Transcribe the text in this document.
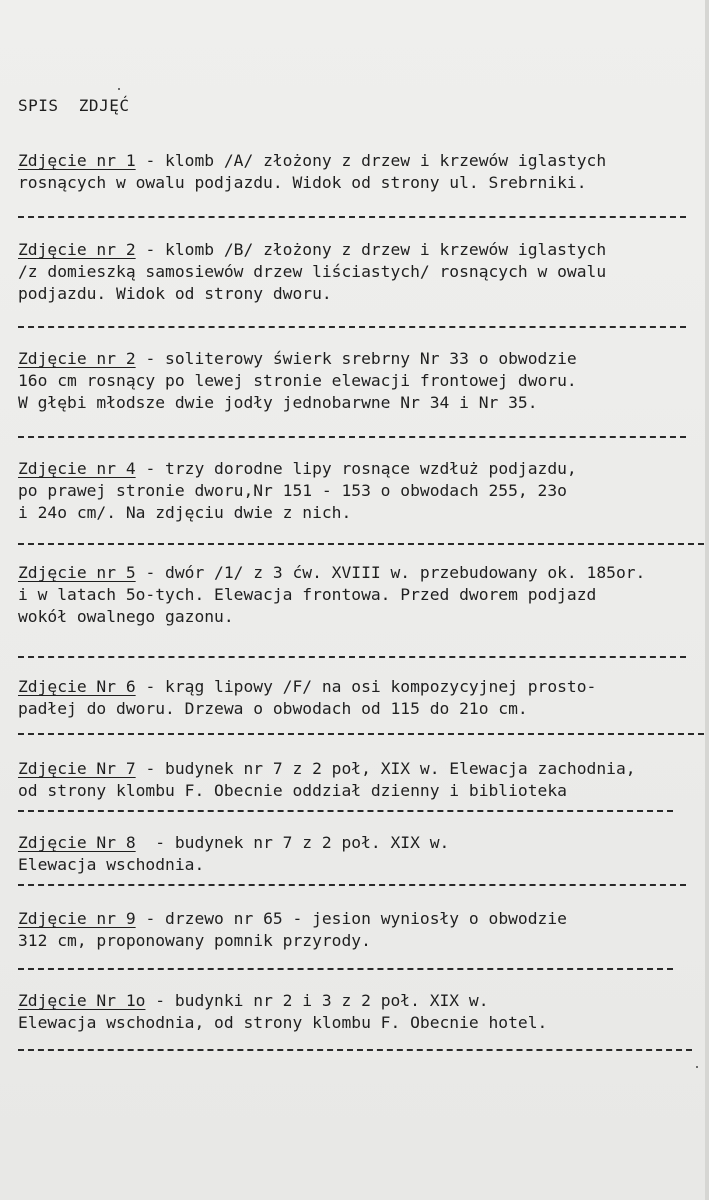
SPIS  ZDJĘĆ
Zdjęcie nr 1 - klomb /A/ złożony z drzew i krzewów iglastych
rosnących w owalu podjazdu. Widok od strony ul. Srebrniki.
Zdjęcie nr 2 - klomb /B/ złożony z drzew i krzewów iglastych
/z domieszką samosiewów drzew liściastych/ rosnących w owalu
podjazdu. Widok od strony dworu.
Zdjęcie nr 2 - soliterowy świerk srebrny Nr 33 o obwodzie
16o cm rosnący po lewej stronie elewacji frontowej dworu.
W głębi młodsze dwie jodły jednobarwne Nr 34 i Nr 35.
Zdjęcie nr 4 - trzy dorodne lipy rosnące wzdłuż podjazdu,
po prawej stronie dworu,Nr 151 - 153 o obwodach 255, 23o
i 24o cm/. Na zdjęciu dwie z nich.
Zdjęcie nr 5 - dwór /1/ z 3 ćw. XVIII w. przebudowany ok. 185or.
i w latach 5o-tych. Elewacja frontowa. Przed dworem podjazd
wokół owalnego gazonu.
Zdjęcie Nr 6 - krąg lipowy /F/ na osi kompozycyjnej prosto-
padłej do dworu. Drzewa o obwodach od 115 do 21o cm.
Zdjęcie Nr 7 - budynek nr 7 z 2 poł, XIX w. Elewacja zachodnia,
od strony klombu F. Obecnie oddział dzienny i biblioteka
Zdjęcie Nr 8  - budynek nr 7 z 2 poł. XIX w.
Elewacja wschodnia.
Zdjęcie nr 9 - drzewo nr 65 - jesion wyniosły o obwodzie
312 cm, proponowany pomnik przyrody.
Zdjęcie Nr 1o - budynki nr 2 i 3 z 2 poł. XIX w.
Elewacja wschodnia, od strony klombu F. Obecnie hotel.
